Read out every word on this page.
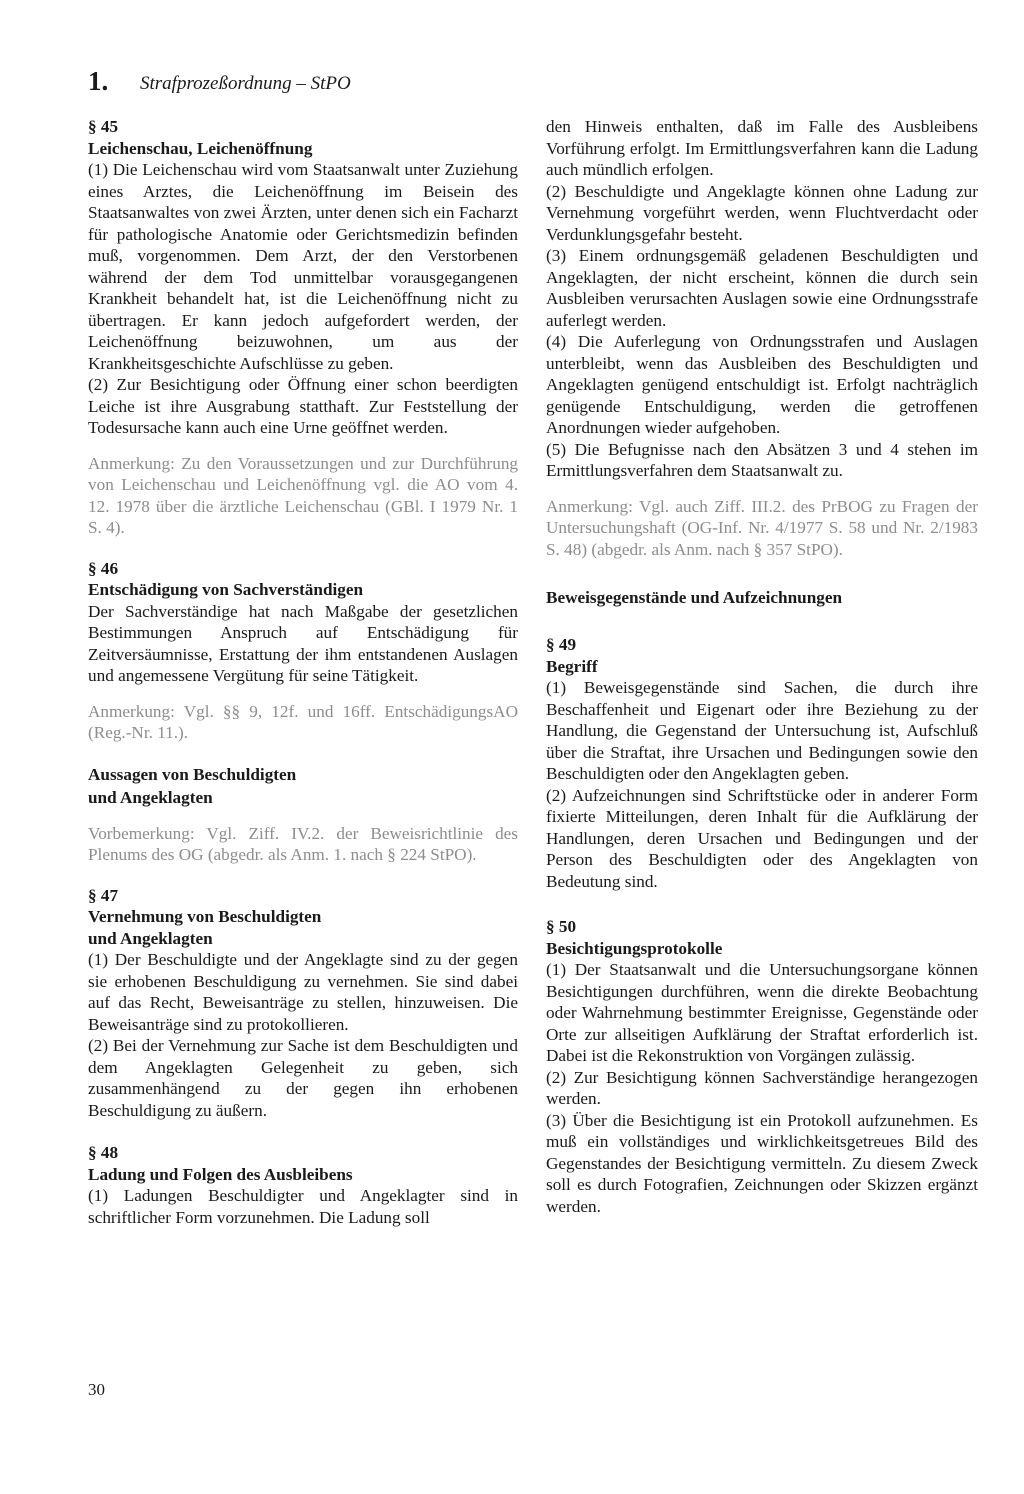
1. Strafprozeßordnung – StPO
§ 45
Leichenschau, Leichenöffnung

(1) Die Leichenschau wird vom Staatsanwalt unter Zuziehung eines Arztes, die Leichenöffnung im Beisein des Staatsanwaltes von zwei Ärzten, unter denen sich ein Facharzt für pathologische Anatomie oder Gerichtsmedizin befinden muß, vorgenommen. Dem Arzt, der den Verstorbenen während der dem Tod unmittelbar vorausgegangenen Krankheit behandelt hat, ist die Leichenöffnung nicht zu übertragen. Er kann jedoch aufgefordert werden, der Leichenöffnung beizuwohnen, um aus der Krankheitsgeschichte Aufschlüsse zu geben.

(2) Zur Besichtigung oder Öffnung einer schon beerdigten Leiche ist ihre Ausgrabung statthaft. Zur Feststellung der Todesursache kann auch eine Urne geöffnet werden.

Anmerkung: Zu den Voraussetzungen und zur Durchführung von Leichenschau und Leichenöffnung vgl. die AO vom 4. 12. 1978 über die ärztliche Leichenschau (GBl. I 1979 Nr. 1 S. 4).
§ 46
Entschädigung von Sachverständigen

Der Sachverständige hat nach Maßgabe der gesetzlichen Bestimmungen Anspruch auf Entschädigung für Zeitversäumnisse, Erstattung der ihm entstandenen Auslagen und angemessene Vergütung für seine Tätigkeit.

Anmerkung: Vgl. §§ 9, 12f. und 16ff. EntschädigungsAO (Reg.-Nr. 11.).
Aussagen von Beschuldigten
und Angeklagten
Vorbemerkung: Vgl. Ziff. IV.2. der Beweisrichtlinie des Plenums des OG (abgedr. als Anm. 1. nach § 224 StPO).
§ 47
Vernehmung von Beschuldigten
und Angeklagten

(1) Der Beschuldigte und der Angeklagte sind zu der gegen sie erhobenen Beschuldigung zu vernehmen. Sie sind dabei auf das Recht, Beweisanträge zu stellen, hinzuweisen. Die Beweisanträge sind zu protokollieren.

(2) Bei der Vernehmung zur Sache ist dem Beschuldigten und dem Angeklagten Gelegenheit zu geben, sich zusammenhängend zu der gegen ihn erhobenen Beschuldigung zu äußern.

§ 48
Ladung und Folgen des Ausbleibens

(1) Ladungen Beschuldigter und Angeklagter sind in schriftlicher Form vorzunehmen. Die Ladung soll

den Hinweis enthalten, daß im Falle des Ausbleibens Vorführung erfolgt. Im Ermittlungsverfahren kann die Ladung auch mündlich erfolgen.

(2) Beschuldigte und Angeklagte können ohne Ladung zur Vernehmung vorgeführt werden, wenn Fluchtverdacht oder Verdunklungsgefahr besteht.

(3) Einem ordnungsgemäß geladenen Beschuldigten und Angeklagten, der nicht erscheint, können die durch sein Ausbleiben verursachten Auslagen sowie eine Ordnungsstrafe auferlegt werden.

(4) Die Auferlegung von Ordnungsstrafen und Auslagen unterbleibt, wenn das Ausbleiben des Beschuldigten und Angeklagten genügend entschuldigt ist. Erfolgt nachträglich genügende Entschuldigung, werden die getroffenen Anordnungen wieder aufgehoben.

(5) Die Befugnisse nach den Absätzen 3 und 4 stehen im Ermittlungsverfahren dem Staatsanwalt zu.

Anmerkung: Vgl. auch Ziff. III.2. des PrBOG zu Fragen der Untersuchungshaft (OG-Inf. Nr. 4/1977 S. 58 und Nr. 2/1983 S. 48) (abgedr. als Anm. nach § 357 StPO).
Beweisgegenstände und Aufzeichnungen
§ 49
Begriff

(1) Beweisgegenstände sind Sachen, die durch ihre Beschaffenheit und Eigenart oder ihre Beziehung zu der Handlung, die Gegenstand der Untersuchung ist, Aufschluß über die Straftat, ihre Ursachen und Bedingungen sowie den Beschuldigten oder den Angeklagten geben.

(2) Aufzeichnungen sind Schriftstücke oder in anderer Form fixierte Mitteilungen, deren Inhalt für die Aufklärung der Handlungen, deren Ursachen und Bedingungen und der Person des Beschuldigten oder des Angeklagten von Bedeutung sind.

§ 50
Besichtigungsprotokolle

(1) Der Staatsanwalt und die Untersuchungsorgane können Besichtigungen durchführen, wenn die direkte Beobachtung oder Wahrnehmung bestimmter Ereignisse, Gegenstände oder Orte zur allseitigen Aufklärung der Straftat erforderlich ist. Dabei ist die Rekonstruktion von Vorgängen zulässig.

(2) Zur Besichtigung können Sachverständige herangezogen werden.

(3) Über die Besichtigung ist ein Protokoll aufzunehmen. Es muß ein vollständiges und wirklichkeitsgetreues Bild des Gegenstandes der Besichtigung vermitteln. Zu diesem Zweck soll es durch Fotografien, Zeichnungen oder Skizzen ergänzt werden.

30
